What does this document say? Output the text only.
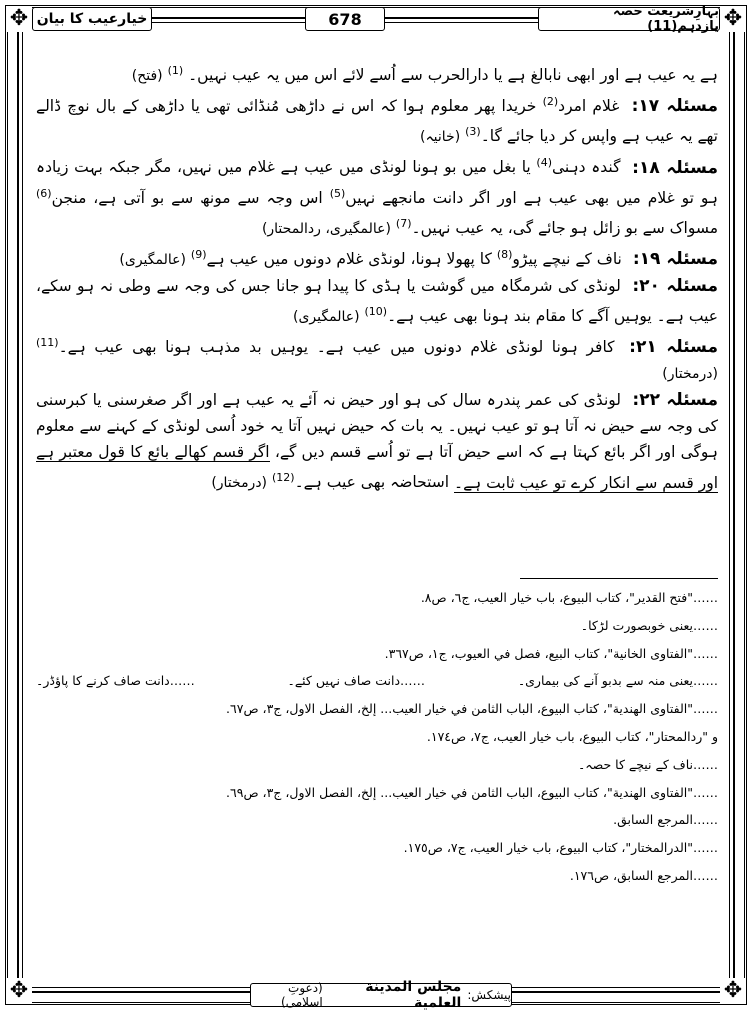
✥	✥
✥	✥
بہارِشریعت حصہ یازدہم(11)
678
خیارعیب کا بیان

ہے یہ عیب ہے اور ابھی نابالغ ہے یا دارالحرب سے اُسے لائے اس میں یہ عیب نہیں۔ $^{(1)}$ (فتح)

مسئلہ ۱۷: غلام امرد$^{(2)}$ خریدا پھر معلوم ہوا کہ اس نے داڑھی مُنڈائی تھی یا داڑھی کے بال نوچ ڈالے تھے یہ عیب ہے واپس کر دیا جائے گا۔$^{(3)}$ (خانیہ)

مسئلہ ۱۸: گندہ دہنی$^{(4)}$ یا بغل میں بو ہونا لونڈی میں عیب ہے غلام میں نہیں، مگر جبکہ بہت زیادہ ہو تو غلام میں بھی عیب ہے اور اگر دانت مانجھے نہیں$^{(5)}$ اس وجہ سے مونھ سے بو آتی ہے، منجن$^{(6)}$ مسواک سے بو زائل ہو جائے گی، یہ عیب نہیں۔$^{(7)}$ (عالمگیری، ردالمحتار)

مسئلہ ۱۹: ناف کے نیچے پیڑو$^{(8)}$ کا پھولا ہونا، لونڈی غلام دونوں میں عیب ہے$^{(9)}$ (عالمگیری)

مسئلہ ۲۰: لونڈی کی شرمگاہ میں گوشت یا ہڈی کا پیدا ہو جانا جس کی وجہ سے وطی نہ ہو سکے، عیب ہے۔ یوہیں آگے کا مقام بند ہونا بھی عیب ہے۔$^{(10)}$ (عالمگیری)

مسئلہ ۲۱: کافر ہونا لونڈی غلام دونوں میں عیب ہے۔ یوہیں بد مذہب ہونا بھی عیب ہے۔$^{(11)}$ (درمختار)

مسئلہ ۲۲: لونڈی کی عمر پندرہ سال کی ہو اور حیض نہ آئے یہ عیب ہے اور اگر صغرسنی یا کبرسنی کی وجہ سے حیض نہ آتا ہو تو عیب نہیں۔ یہ بات کہ حیض نہیں آتا یہ خود اُسی لونڈی کے کہنے سے معلوم ہوگی اور اگر بائع کہتا ہے کہ اسے حیض آتا ہے تو اُسے قسم دیں گے، اگر قسم کھالے بائع کا قول معتبر ہے اور قسم سے انکار کرے تو عیب ثابت ہے۔ استحاضہ بھی عیب ہے۔$^{(12)}$ (درمختار)

……"فتح القدير"، كتاب البيوع، باب خيار العيب، ج٦، ص٨.

……یعنی خوبصورت لڑکا۔

……"الفتاوى الخانية"، كتاب البيع، فصل في العيوب، ج١، ص٣٦٧.

……یعنی منہ سے بدبو آنے کی بیماری۔
……دانت صاف نہیں کئے۔
……دانت صاف کرنے کا پاؤڈر۔

……"الفتاوى الهندية"، كتاب البيوع، الباب الثامن في خيار العيب... إلخ، الفصل الاول، ج٣، ص٦٧.

و "ردالمحتار"، كتاب البيوع، باب خيار العيب، ج٧، ص١٧٤.

……ناف کے نیچے کا حصہ۔

……"الفتاوى الهندية"، كتاب البيوع، الباب الثامن في خيار العيب... إلخ، الفصل الاول، ج٣، ص٦٩.

……المرجع السابق.

……"الدرالمختار"، كتاب البيوع، باب خيار العيب، ج٧، ص١٧٥.

……المرجع السابق، ص١٧٦.

پیشکش:
مجلس المدينة العلمية
(دعوتِ اسلامی)
